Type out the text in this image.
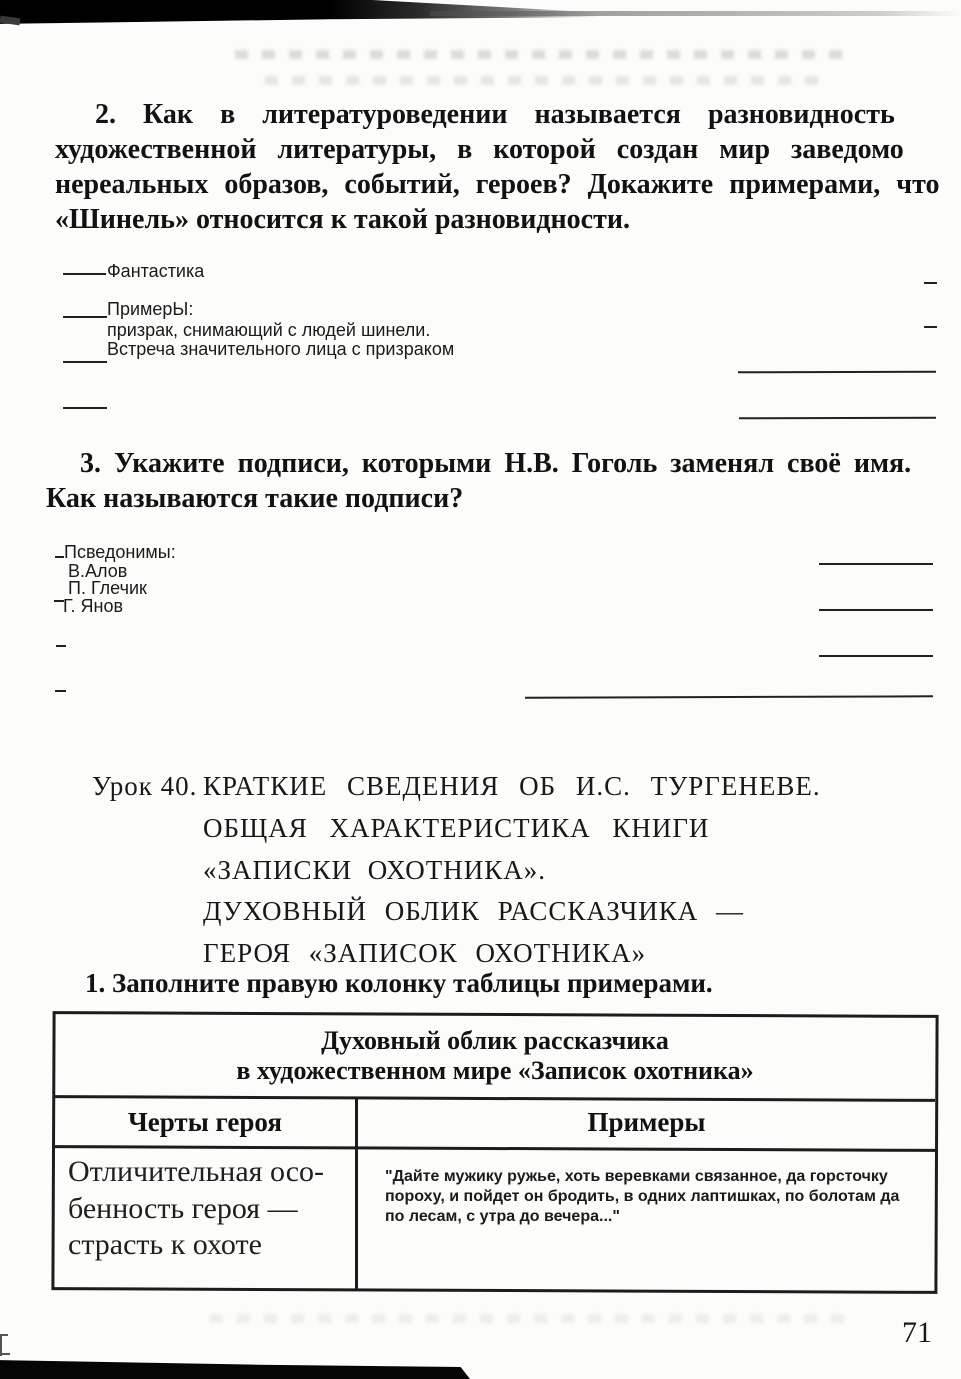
2. Как в литературоведении называется разновидность
художественной литературы, в которой создан мир заведомо
нереальных образов, событий, героев? Докажите примерами, что
«Шинель» относится к такой разновидности.
Фантастика
ПримерЫ:
призрак, снимающий с людей шинели.
Встреча значительного лица с призраком
3. Укажите подписи, которыми Н.В. Гоголь заменял своё имя.
Как называются такие подписи?
Псведонимы:
В.Алов
П. Глечик
Г. Янов
Урок 40. КРАТКИЕ СВЕДЕНИЯ ОБ И.С. ТУРГЕНЕВЕ.
ОБЩАЯ ХАРАКТЕРИСТИКА КНИГИ
«ЗАПИСКИ ОХОТНИКА».
ДУХОВНЫЙ ОБЛИК РАССКАЗЧИКА —
ГЕРОЯ «ЗАПИСОК ОХОТНИКА»
1. Заполните правую колонку таблицы примерами.
Духовный облик рассказчика
в художественном мире «Записок охотника»
Черты героя	Примеры
Отличительная осо-
бенность героя —
страсть к охоте
"Дайте мужику ружье, хоть веревками связанное, да горсточку
пороху, и пойдет он бродить, в одних лаптишках, по болотам да
по лесам, с утра до вечера..."
71
